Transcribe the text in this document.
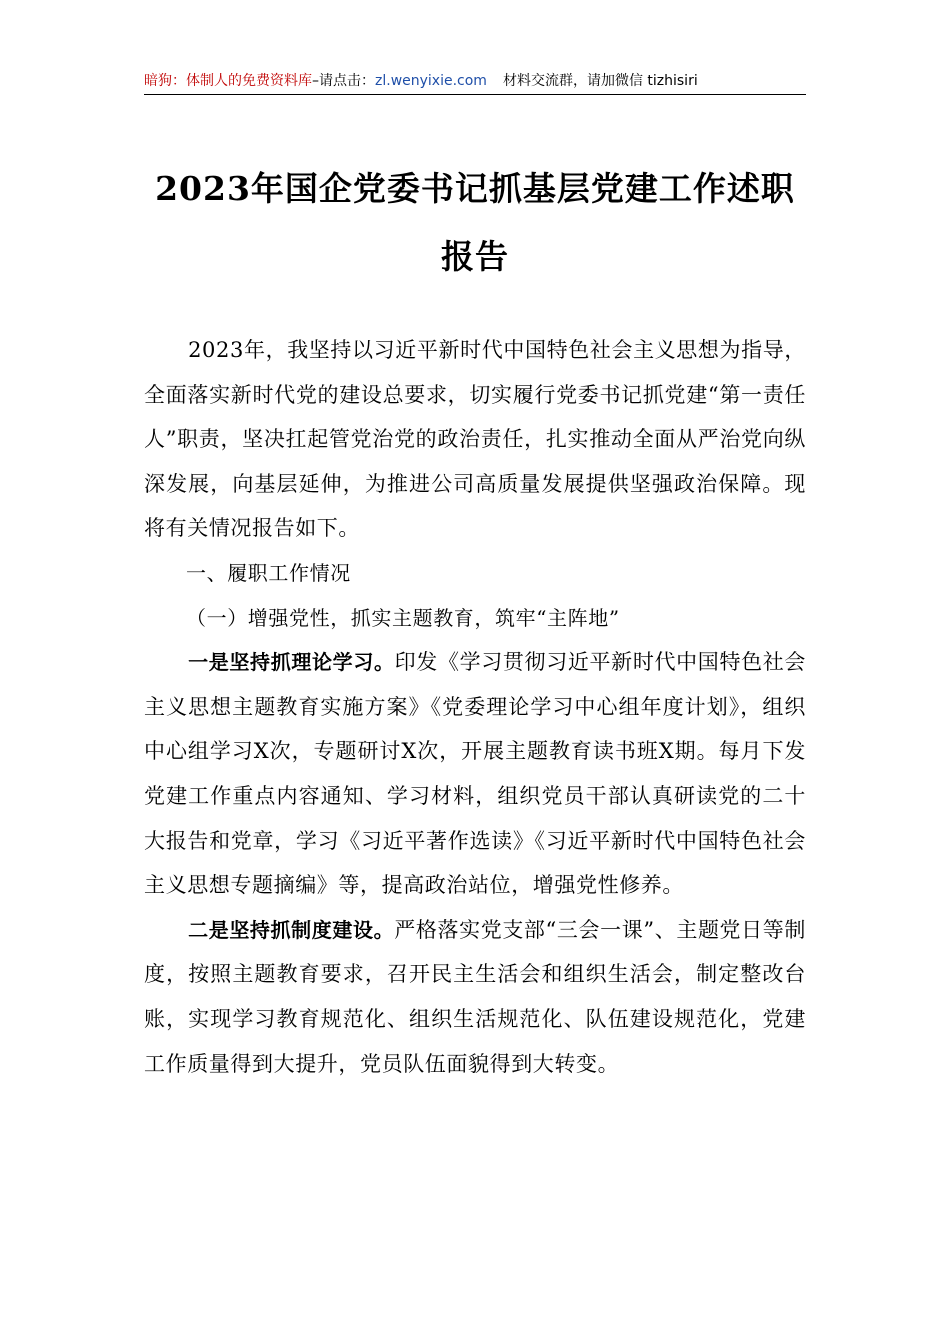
暗狗：体制人的免费资料库–请点击：zl.wenyixie.com 材料交流群，请加微信 tizhisiri
2023年国企党委书记抓基层党建工作述职
报告

2023年，我坚持以习近平新时代中国特色社会主义思想为指导，全面落实新时代党的建设总要求，切实履行党委书记抓党建“第一责任人”职责，坚决扛起管党治党的政治责任，扎实推动全面从严治党向纵深发展，向基层延伸，为推进公司高质量发展提供坚强政治保障。现将有关情况报告如下。

一、履职工作情况

（一）增强党性，抓实主题教育，筑牢“主阵地”

一是坚持抓理论学习。印发《学习贯彻习近平新时代中国特色社会主义思想主题教育实施方案》《党委理论学习中心组年度计划》，组织中心组学习X次，专题研讨X次，开展主题教育读书班X期。每月下发党建工作重点内容通知、学习材料，组织党员干部认真研读党的二十大报告和党章，学习《习近平著作选读》《习近平新时代中国特色社会主义思想专题摘编》等，提高政治站位，增强党性修养。

二是坚持抓制度建设。严格落实党支部“三会一课”、主题党日等制度，按照主题教育要求，召开民主生活会和组织生活会，制定整改台账，实现学习教育规范化、组织生活规范化、队伍建设规范化，党建工作质量得到大提升，党员队伍面貌得到大转变。
